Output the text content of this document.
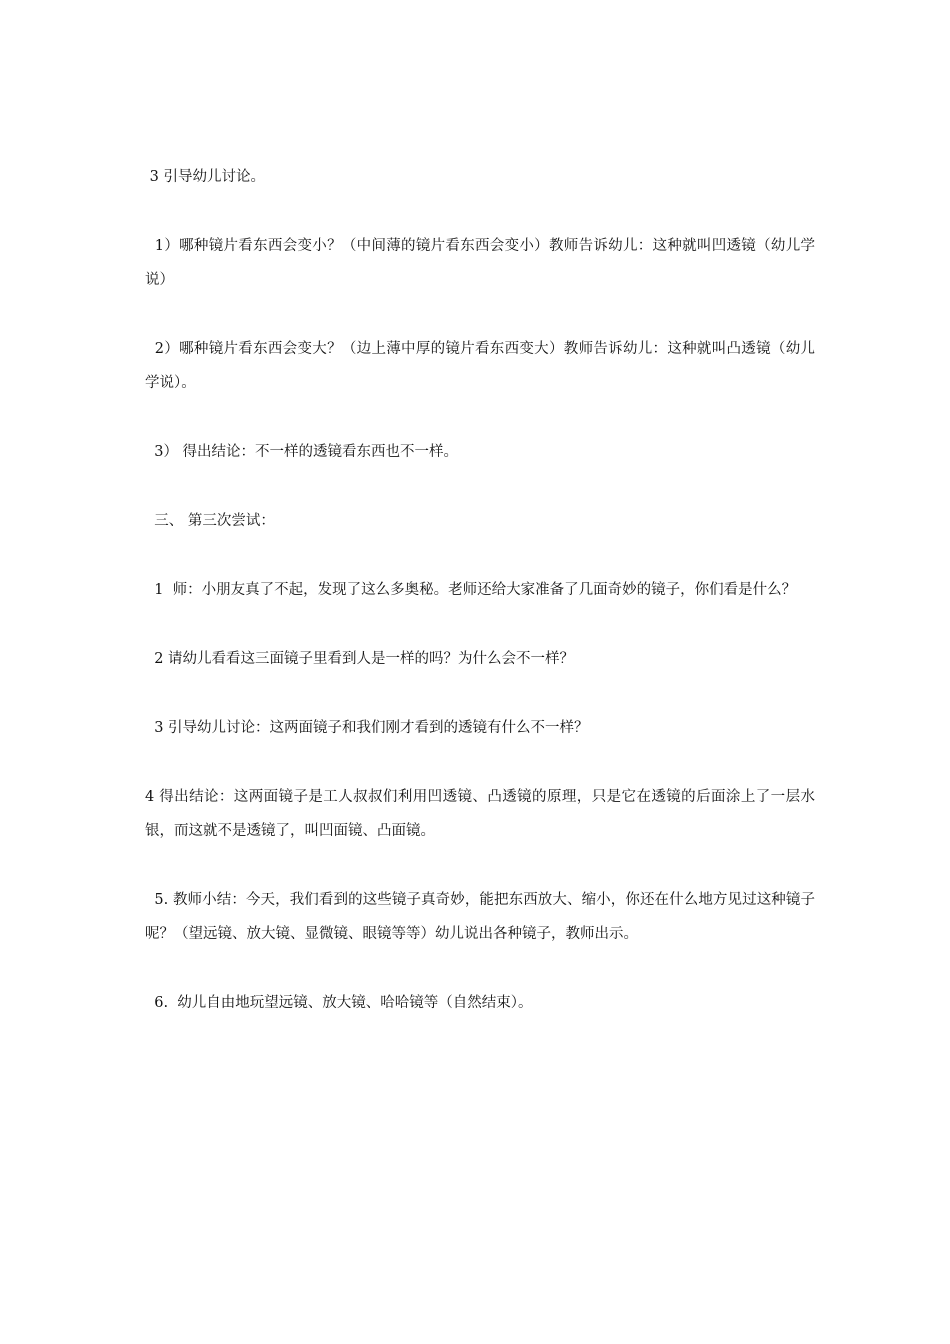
3 引导幼儿讨论。

1）哪种镜片看东西会变小？（中间薄的镜片看东西会变小）教师告诉幼儿：这种就叫凹透镜（幼儿学说）

2）哪种镜片看东西会变大？（边上薄中厚的镜片看东西变大）教师告诉幼儿：这种就叫凸透镜（幼儿学说）。

3） 得出结论：不一样的透镜看东西也不一样。

三、 第三次尝试：

1  师：小朋友真了不起，发现了这么多奥秘。老师还给大家准备了几面奇妙的镜子，你们看是什么？

2 请幼儿看看这三面镜子里看到人是一样的吗？为什么会不一样？

3 引导幼儿讨论：这两面镜子和我们刚才看到的透镜有什么不一样？

4 得出结论：这两面镜子是工人叔叔们利用凹透镜、凸透镜的原理，只是它在透镜的后面涂上了一层水银，而这就不是透镜了，叫凹面镜、凸面镜。

5. 教师小结：今天，我们看到的这些镜子真奇妙，能把东西放大、缩小，你还在什么地方见过这种镜子呢？（望远镜、放大镜、显微镜、眼镜等等）幼儿说出各种镜子，教师出示。

6.  幼儿自由地玩望远镜、放大镜、哈哈镜等（自然结束）。
